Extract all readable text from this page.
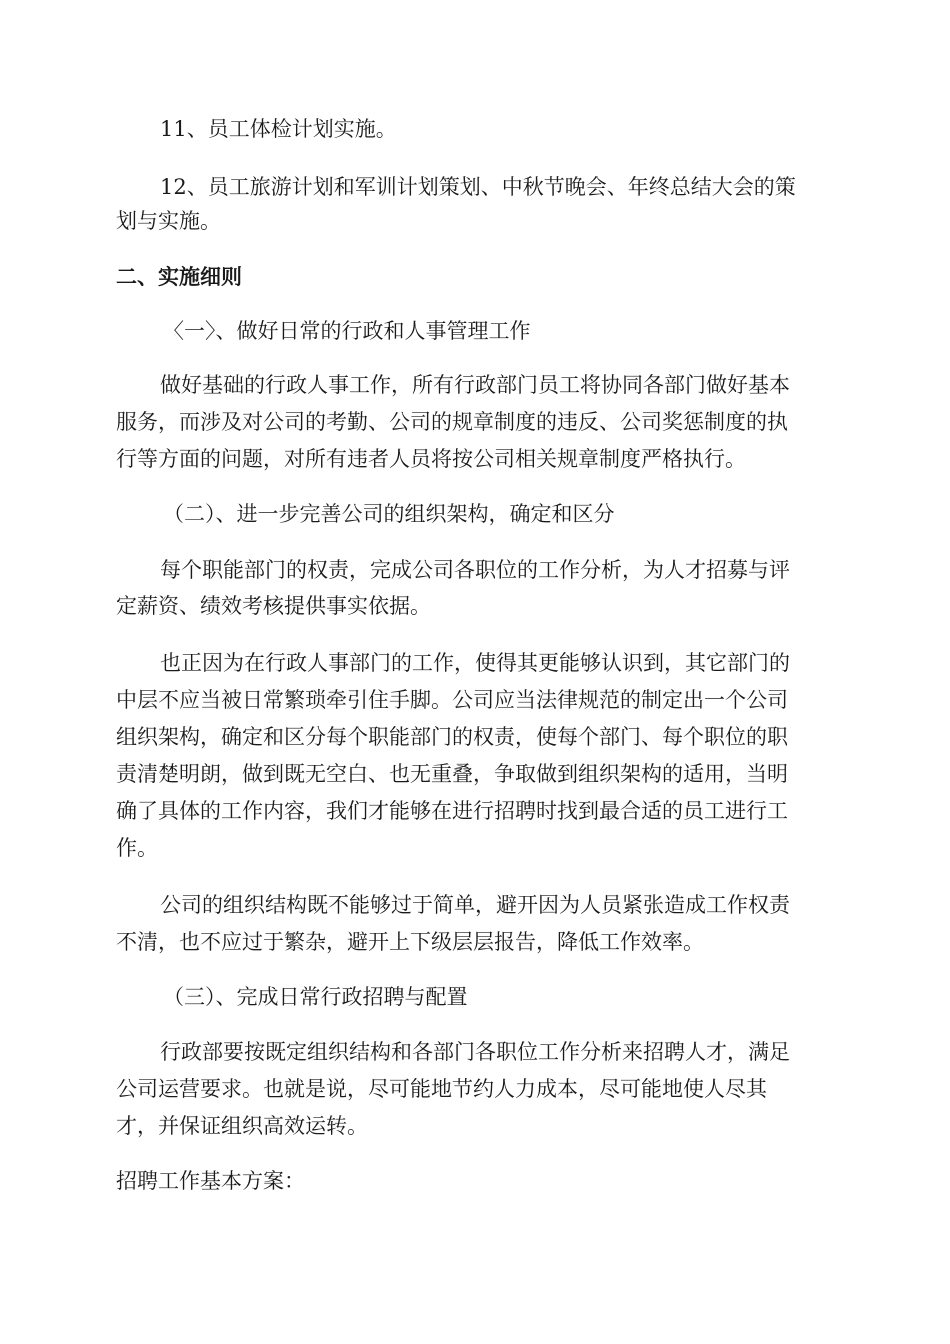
11、员工体检计划实施。
12、员工旅游计划和军训计划策划、中秋节晚会、年终总结大会的策
划与实施。
二、实施细则
〈一〉、做好日常的行政和人事管理工作
做好基础的行政人事工作，所有行政部门员工将协同各部门做好基本
服务，而涉及对公司的考勤、公司的规章制度的违反、公司奖惩制度的执
行等方面的问题，对所有违者人员将按公司相关规章制度严格执行。
（二）、进一步完善公司的组织架构，确定和区分
每个职能部门的权责，完成公司各职位的工作分析，为人才招募与评
定薪资、绩效考核提供事实依据。
也正因为在行政人事部门的工作，使得其更能够认识到，其它部门的
中层不应当被日常繁琐牵引住手脚。公司应当法律规范的制定出一个公司
组织架构，确定和区分每个职能部门的权责，使每个部门、每个职位的职
责清楚明朗，做到既无空白、也无重叠，争取做到组织架构的适用，当明
确了具体的工作内容，我们才能够在进行招聘时找到最合适的员工进行工
作。
公司的组织结构既不能够过于简单，避开因为人员紧张造成工作权责
不清，也不应过于繁杂，避开上下级层层报告，降低工作效率。
（三）、完成日常行政招聘与配置
行政部要按既定组织结构和各部门各职位工作分析来招聘人才，满足
公司运营要求。也就是说，尽可能地节约人力成本，尽可能地使人尽其
才，并保证组织高效运转。
招聘工作基本方案：
